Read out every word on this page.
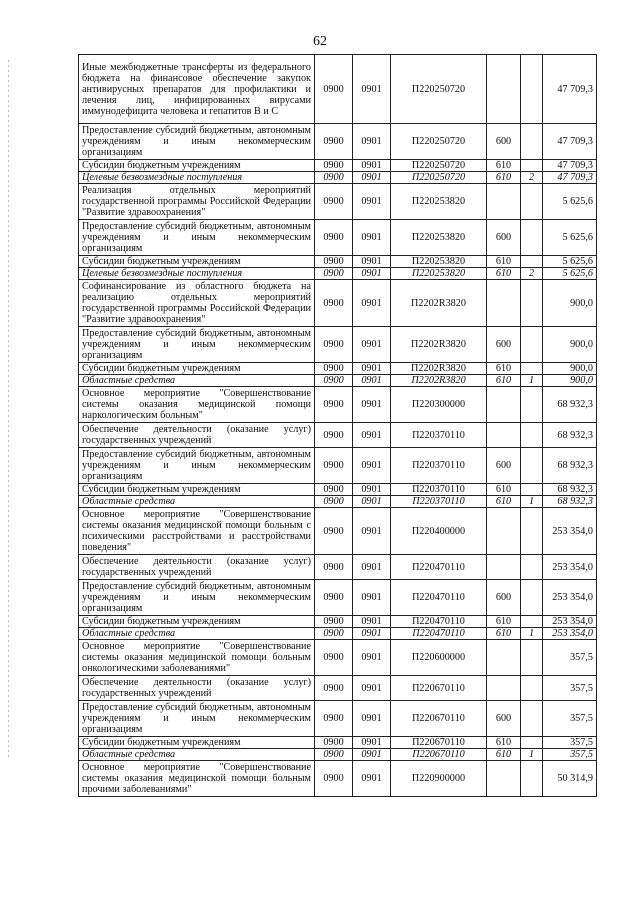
62
Иные межбюджетные трансферты из федерального бюджета на финансовое обеспечение закупок антивирусных препаратов для профилактики и лечения лиц, инфицированных вирусами иммунодефицита человека и гепатитов B и C	0900	0901	П220250720			47 709,3
Предоставление субсидий бюджетным, автономным учреждениям и иным некоммерческим организациям	0900	0901	П220250720	600		47 709,3
Субсидии бюджетным учреждениям	0900	0901	П220250720	610		47 709,3
Целевые безвозмездные поступления	0900	0901	П220250720	610	2	47 709,3
Реализация отдельных мероприятий государственной программы Российской Федерации "Развитие здравоохранения"	0900	0901	П220253820			5 625,6
Предоставление субсидий бюджетным, автономным учреждениям и иным некоммерческим организациям	0900	0901	П220253820	600		5 625,6
Субсидии бюджетным учреждениям	0900	0901	П220253820	610		5 625,6
Целевые безвозмездные поступления	0900	0901	П220253820	610	2	5 625,6
Софинансирование из областного бюджета на реализацию отдельных мероприятий государственной программы Российской Федерации "Развитие здравоохранения"	0900	0901	П2202R3820			900,0
Предоставление субсидий бюджетным, автономным учреждениям и иным некоммерческим организациям	0900	0901	П2202R3820	600		900,0
Субсидии бюджетным учреждениям	0900	0901	П2202R3820	610		900,0
Областные средства	0900	0901	П2202R3820	610	1	900,0
Основное мероприятие "Совершенствование системы оказания медицинской помощи наркологическим больным"	0900	0901	П220300000			68 932,3
Обеспечение деятельности (оказание услуг) государственных учреждений	0900	0901	П220370110			68 932,3
Предоставление субсидий бюджетным, автономным учреждениям и иным некоммерческим организациям	0900	0901	П220370110	600		68 932,3
Субсидии бюджетным учреждениям	0900	0901	П220370110	610		68 932,3
Областные средства	0900	0901	П220370110	610	1	68 932,3
Основное мероприятие "Совершенствование системы оказания медицинской помощи больным с психическими расстройствами и расстройствами поведения"	0900	0901	П220400000			253 354,0
Обеспечение деятельности (оказание услуг) государственных учреждений	0900	0901	П220470110			253 354,0
Предоставление субсидий бюджетным, автономным учреждениям и иным некоммерческим организациям	0900	0901	П220470110	600		253 354,0
Субсидии бюджетным учреждениям	0900	0901	П220470110	610		253 354,0
Областные средства	0900	0901	П220470110	610	1	253 354,0
Основное мероприятие "Совершенствование системы оказания медицинской помощи больным онкологическими заболеваниями"	0900	0901	П220600000			357,5
Обеспечение деятельности (оказание услуг) государственных учреждений	0900	0901	П220670110			357,5
Предоставление субсидий бюджетным, автономным учреждениям и иным некоммерческим организациям	0900	0901	П220670110	600		357,5
Субсидии бюджетным учреждениям	0900	0901	П220670110	610		357,5
Областные средства	0900	0901	П220670110	610	1	357,5
Основное мероприятие "Совершенствование системы оказания медицинской помощи больным прочими заболеваниями"	0900	0901	П220900000			50 314,9
